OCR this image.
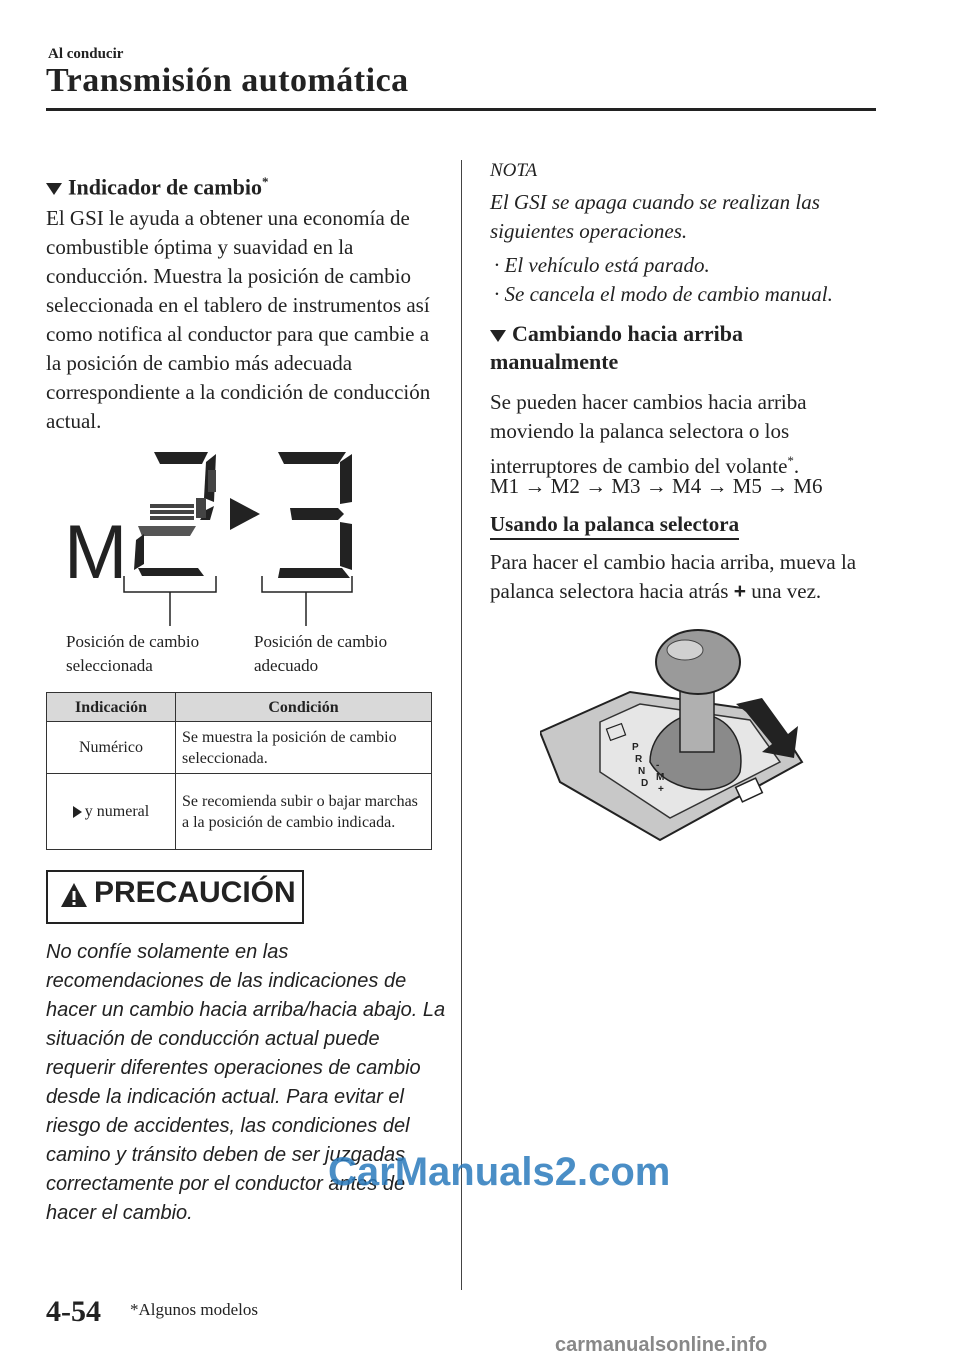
Al conducir
Transmisión automática
Indicador de cambio*
El GSI le ayuda a obtener una economía de combustible óptima y suavidad en la conducción. Muestra la posición de cambio seleccionada en el tablero de instrumentos así como notifica al conductor para que cambie a la posición de cambio más adecuada correspondiente a la condición de conducción actual.
M
Posición de cambio seleccionada
Posición de cambio adecuado
Indicación	Condición
Numérico	Se muestra la posición de cambio seleccionada.
y numeral	Se recomienda subir o bajar marchas a la posición de cambio indicada.
PRECAUCIÓN
No confíe solamente en las recomendaciones de las indicaciones de hacer un cambio hacia arriba/hacia abajo. La situación de conducción actual puede requerir diferentes operaciones de cambio desde la indicación actual. Para evitar el riesgo de accidentes, las condiciones del camino y tránsito deben de ser juzgadas correctamente por el conductor antes de hacer el cambio.
NOTA
El GSI se apaga cuando se realizan las siguientes operaciones.
· El vehículo está parado.
· Se cancela el modo de cambio manual.
Cambiando hacia arriba manualmente
Se pueden hacer cambios hacia arriba moviendo la palanca selectora o los interruptores de cambio del volante*.
M1 → M2 → M3 → M4 → M5 → M6
Usando la palanca selectora
Para hacer el cambio hacia arriba, mueva la palanca selectora hacia atrás + una vez.
P
R
N
D
M
-
+
4-54 *Algunos modelos
CarManuals2.com
carmanualsonline.info
